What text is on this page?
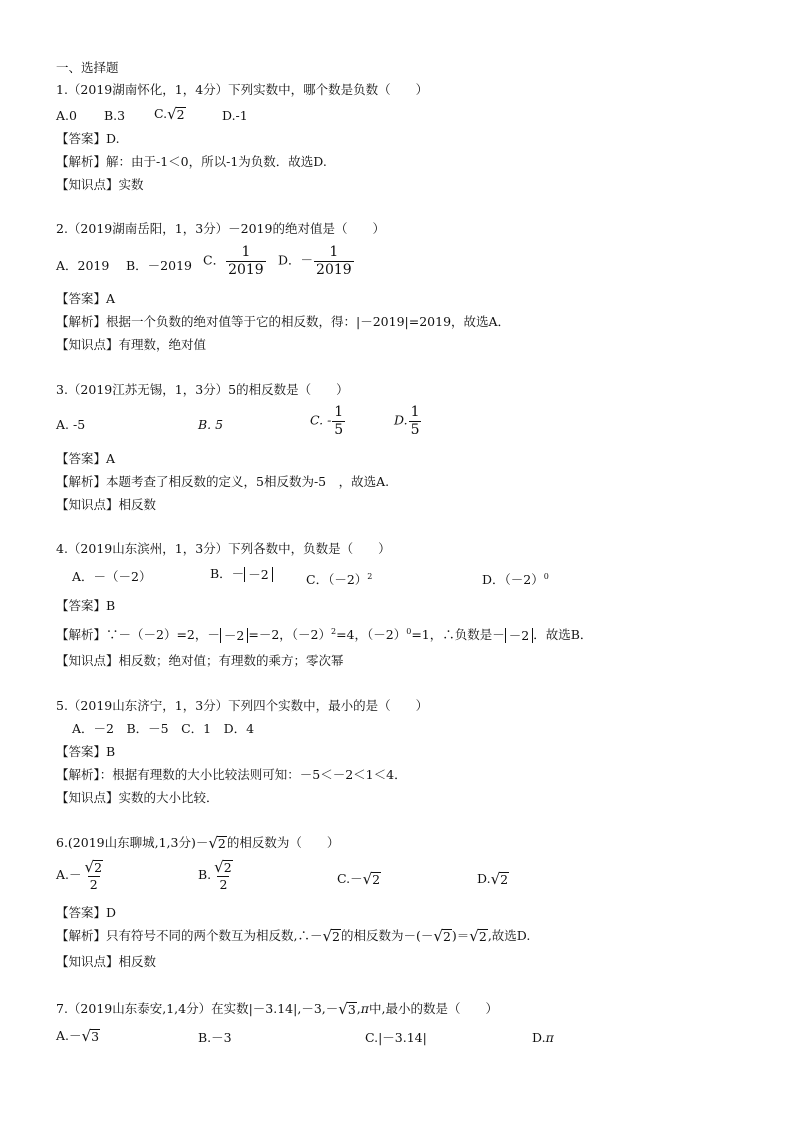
一、选择题
1.（2019湖南怀化，1，4分）下列实数中，哪个数是负数（　　）
A.0 B.3 C. √ 2	D.-1
【答案】D.
【解析】解：由于-1＜0，所以-1为负数．故选D.
【知识点】实数
2.（2019湖南岳阳，1，3分）－2019的绝对值是（　　）
A．2019 B．－2019 C． $\frac{1}{2019}$ D．－ $\frac{1}{2019}$
【答案】A
【解析】根据一个负数的绝对值等于它的相反数，得：|－2019|=2019，故选A．
【知识点】有理数，绝对值
3.（2019江苏无锡，1，3分）5的相反数是（　　）
A. -5	B. 5	C. - $\frac{1}{5}$	D. $\frac{1}{5}$
【答案】A
【解析】本题考查了相反数的定义，5相反数为-5　，故选A.
【知识点】相反数
4.（2019山东滨州，1，3分）下列各数中，负数是（　　）
A．－（－2）	B．－ －2	C．$(-2)^2$	D．$(-2)^0$
【答案】B
【解析】∵－（－2）=2，－ －2 =－2，$(-2)^2=4$，$(-2)^0=1$，∴负数是－ －2 ．故选B．
【知识点】相反数；绝对值；有理数的乘方；零次幂
5.（2019山东济宁，1，3分）下列四个实数中，最小的是（　　）
A．－2　B．－5　C．1　D．4
【答案】B
【解析】：根据有理数的大小比较法则可知：－5＜－2＜1＜4．
【知识点】实数的大小比较．
6.(2019山东聊城,1,3分)－ √ 2 的相反数为（　　）
$A.- \frac{√ 2}{2}$	B. $\frac{√ 2}{2}$	C.－ √ 2	D. √ 2
【答案】D
【解析】只有符号不同的两个数互为相反数,∴－ √ 2 的相反数为－(－ √ 2 )＝ √ 2 ,故选D.
【知识点】相反数
7.（2019山东泰安,1,4分）在实数|－3.14|,－3,－ √ 3 ,π中,最小的数是（　　）
A.－ √ 3	B.－3	C.|－3.14|	D.π
